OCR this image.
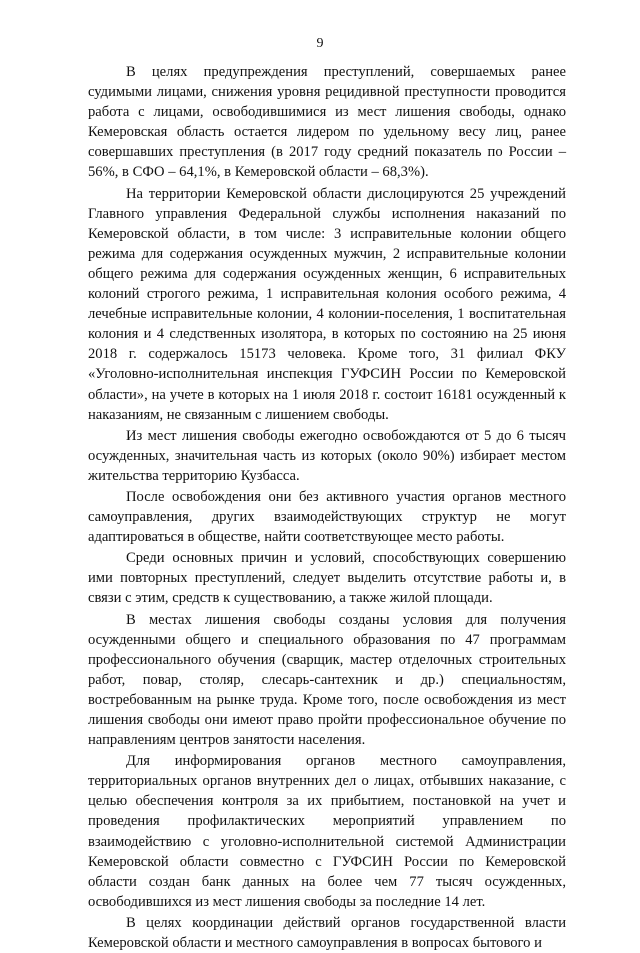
9

В целях предупреждения преступлений, совершаемых ранее судимыми лицами, снижения уровня рецидивной преступности проводится работа с лицами, освободившимися из мест лишения свободы, однако Кемеровская область остается лидером по удельному весу лиц, ранее совершавших преступления (в 2017 году средний показатель по России – 56%, в СФО – 64,1%, в Кемеровской области – 68,3%).

На территории Кемеровской области дислоцируются 25 учреждений Главного управления Федеральной службы исполнения наказаний по Кемеровской области, в том числе: 3 исправительные колонии общего режима для содержания осужденных мужчин, 2 исправительные колонии общего режима для содержания осужденных женщин, 6 исправительных колоний строгого режима, 1 исправительная колония особого режима, 4 лечебные исправительные колонии, 4 колонии-поселения, 1 воспитательная колония и 4 следственных изолятора, в которых по состоянию на 25 июня 2018 г. содержалось 15173 человека. Кроме того, 31 филиал ФКУ «Уголовно-исполнительная инспекция ГУФСИН России по Кемеровской области», на учете в которых на 1 июля 2018 г. состоит 16181 осужденный к наказаниям, не связанным с лишением свободы.

Из мест лишения свободы ежегодно освобождаются от 5 до 6 тысяч осужденных, значительная часть из которых (около 90%) избирает местом жительства территорию Кузбасса.

После освобождения они без активного участия органов местного самоуправления, других взаимодействующих структур не могут адаптироваться в обществе, найти соответствующее место работы.

Среди основных причин и условий, способствующих совершению ими повторных преступлений, следует выделить отсутствие работы и, в связи с этим, средств к существованию, а также жилой площади.

В местах лишения свободы созданы условия для получения осужденными общего и специального образования по 47 программам профессионального обучения (сварщик, мастер отделочных строительных работ, повар, столяр, слесарь-сантехник и др.) специальностям, востребованным на рынке труда. Кроме того, после освобождения из мест лишения свободы они имеют право пройти профессиональное обучение по направлениям центров занятости населения.

Для информирования органов местного самоуправления, территориальных органов внутренних дел о лицах, отбывших наказание, с целью обеспечения контроля за их прибытием, постановкой на учет и проведения профилактических мероприятий управлением по взаимодействию с уголовно-исполнительной системой Администрации Кемеровской области совместно с ГУФСИН России по Кемеровской области создан банк данных на более чем 77 тысяч осужденных, освободившихся из мест лишения свободы за последние 14 лет.

В целях координации действий органов государственной власти Кемеровской области и местного самоуправления в вопросах бытового и
